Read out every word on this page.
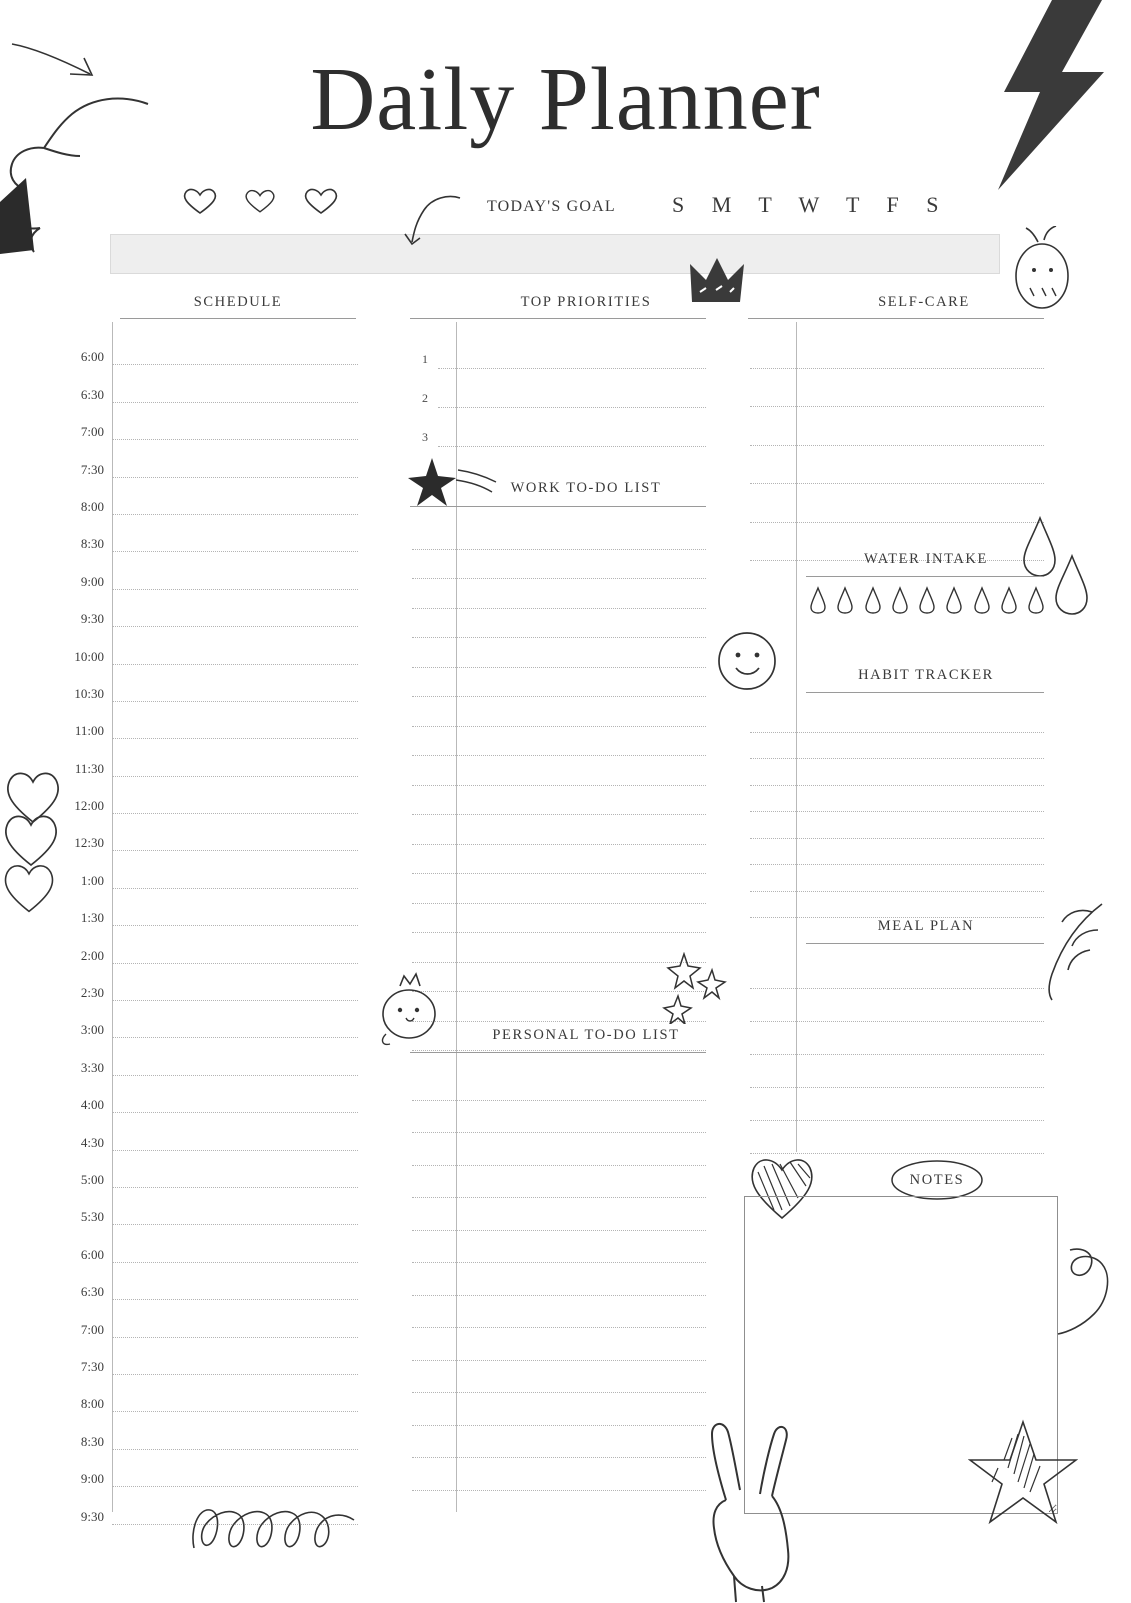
Daily Planner
TODAY'S GOAL	S M T W T F S
SCHEDULE	TOP PRIORITIES	SELF-CARE
6:00
6:30
7:00
7:30
8:00
8:30
9:00
9:30
10:00
10:30
11:00
11:30
12:00
12:30
1:00
1:30
2:00
2:30
3:00
3:30
4:00
4:30
5:00
5:30
6:00
6:30
7:00
7:30
8:00
8:30
9:00
9:30
1
2
3
WORK TO-DO LIST
PERSONAL TO-DO LIST
WATER INTAKE
HABIT TRACKER
MEAL PLAN
NOTES
